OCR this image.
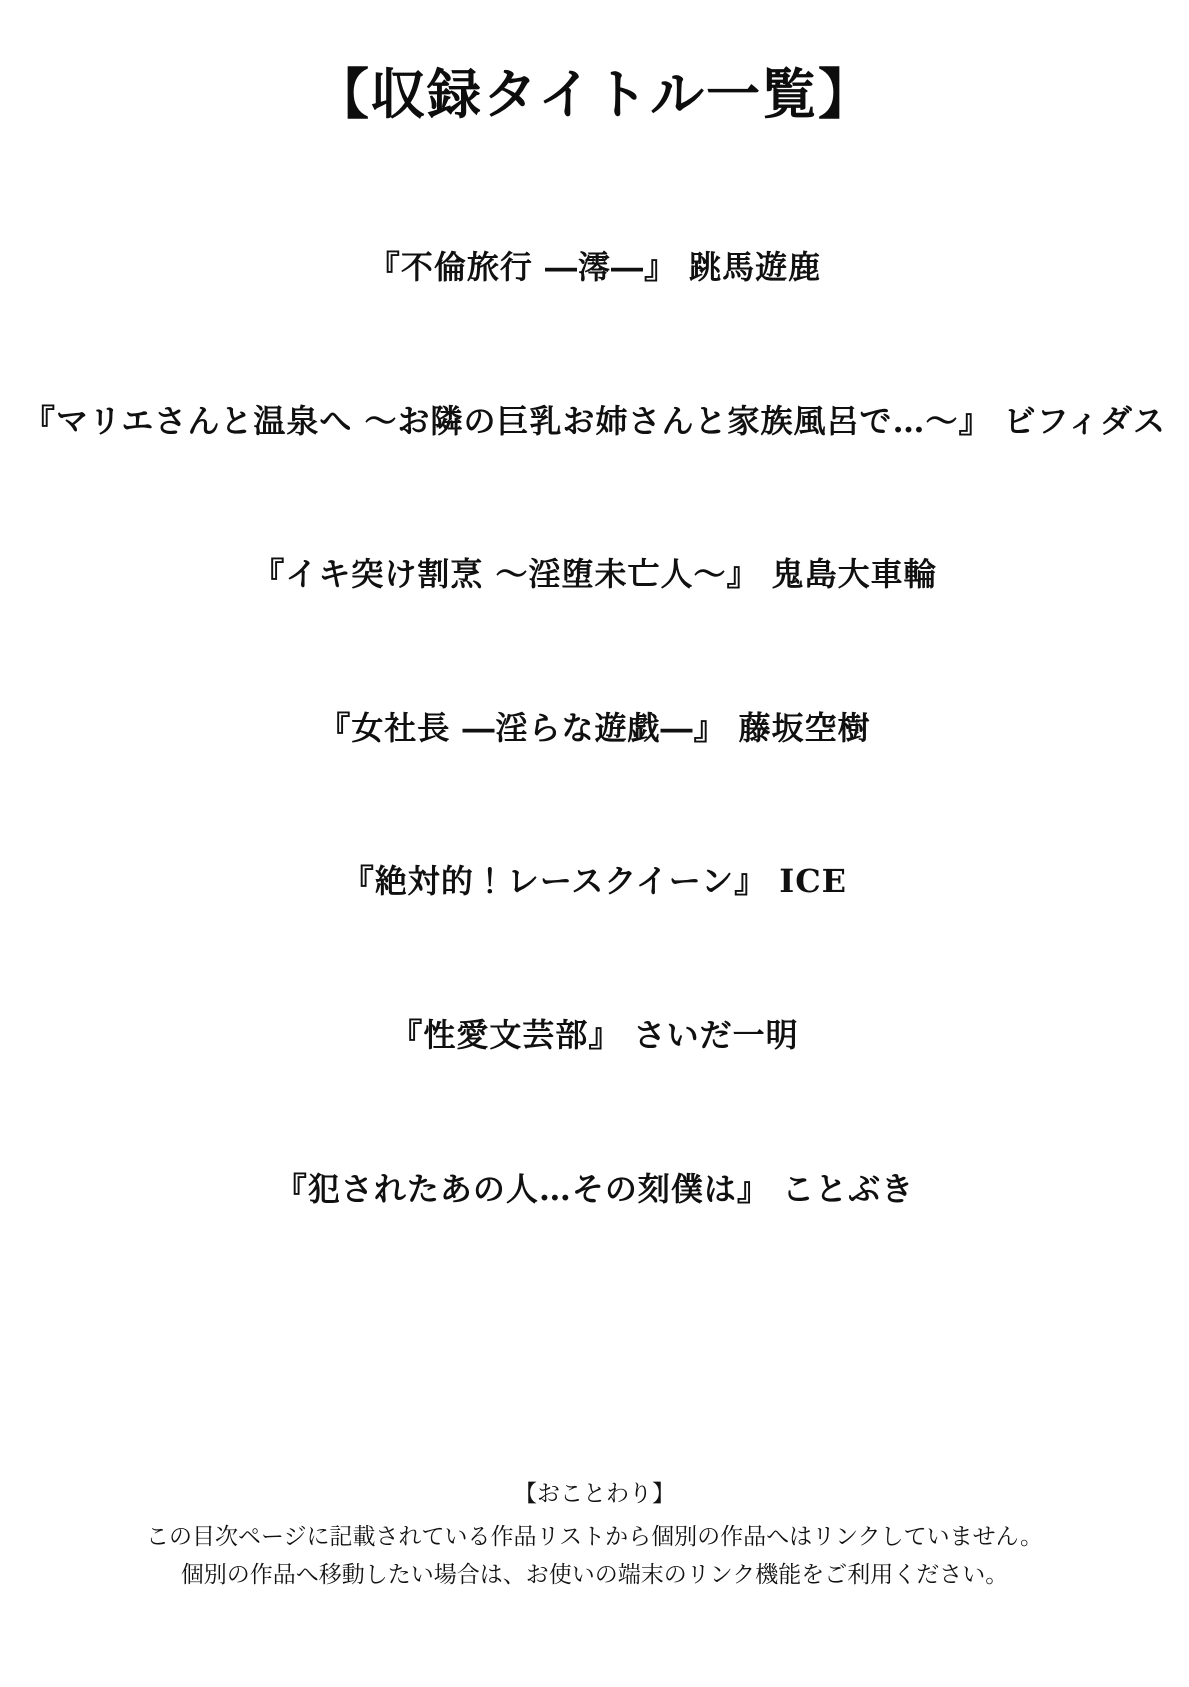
【収録タイトル一覧】
『不倫旅行 ―澪―』 跳馬遊鹿
『マリエさんと温泉へ ～お隣の巨乳お姉さんと家族風呂で…～』 ビフィダス
『イキ突け割烹 ～淫堕未亡人～』 鬼島大車輪
『女社長 ―淫らな遊戯―』 藤坂空樹
『絶対的！レースクイーン』 ICE
『性愛文芸部』 さいだ一明
『犯されたあの人…その刻僕は』 ことぶき
【おことわり】
この目次ページに記載されている作品リストから個別の作品へはリンクしていません。
個別の作品へ移動したい場合は、お使いの端末のリンク機能をご利用ください。
